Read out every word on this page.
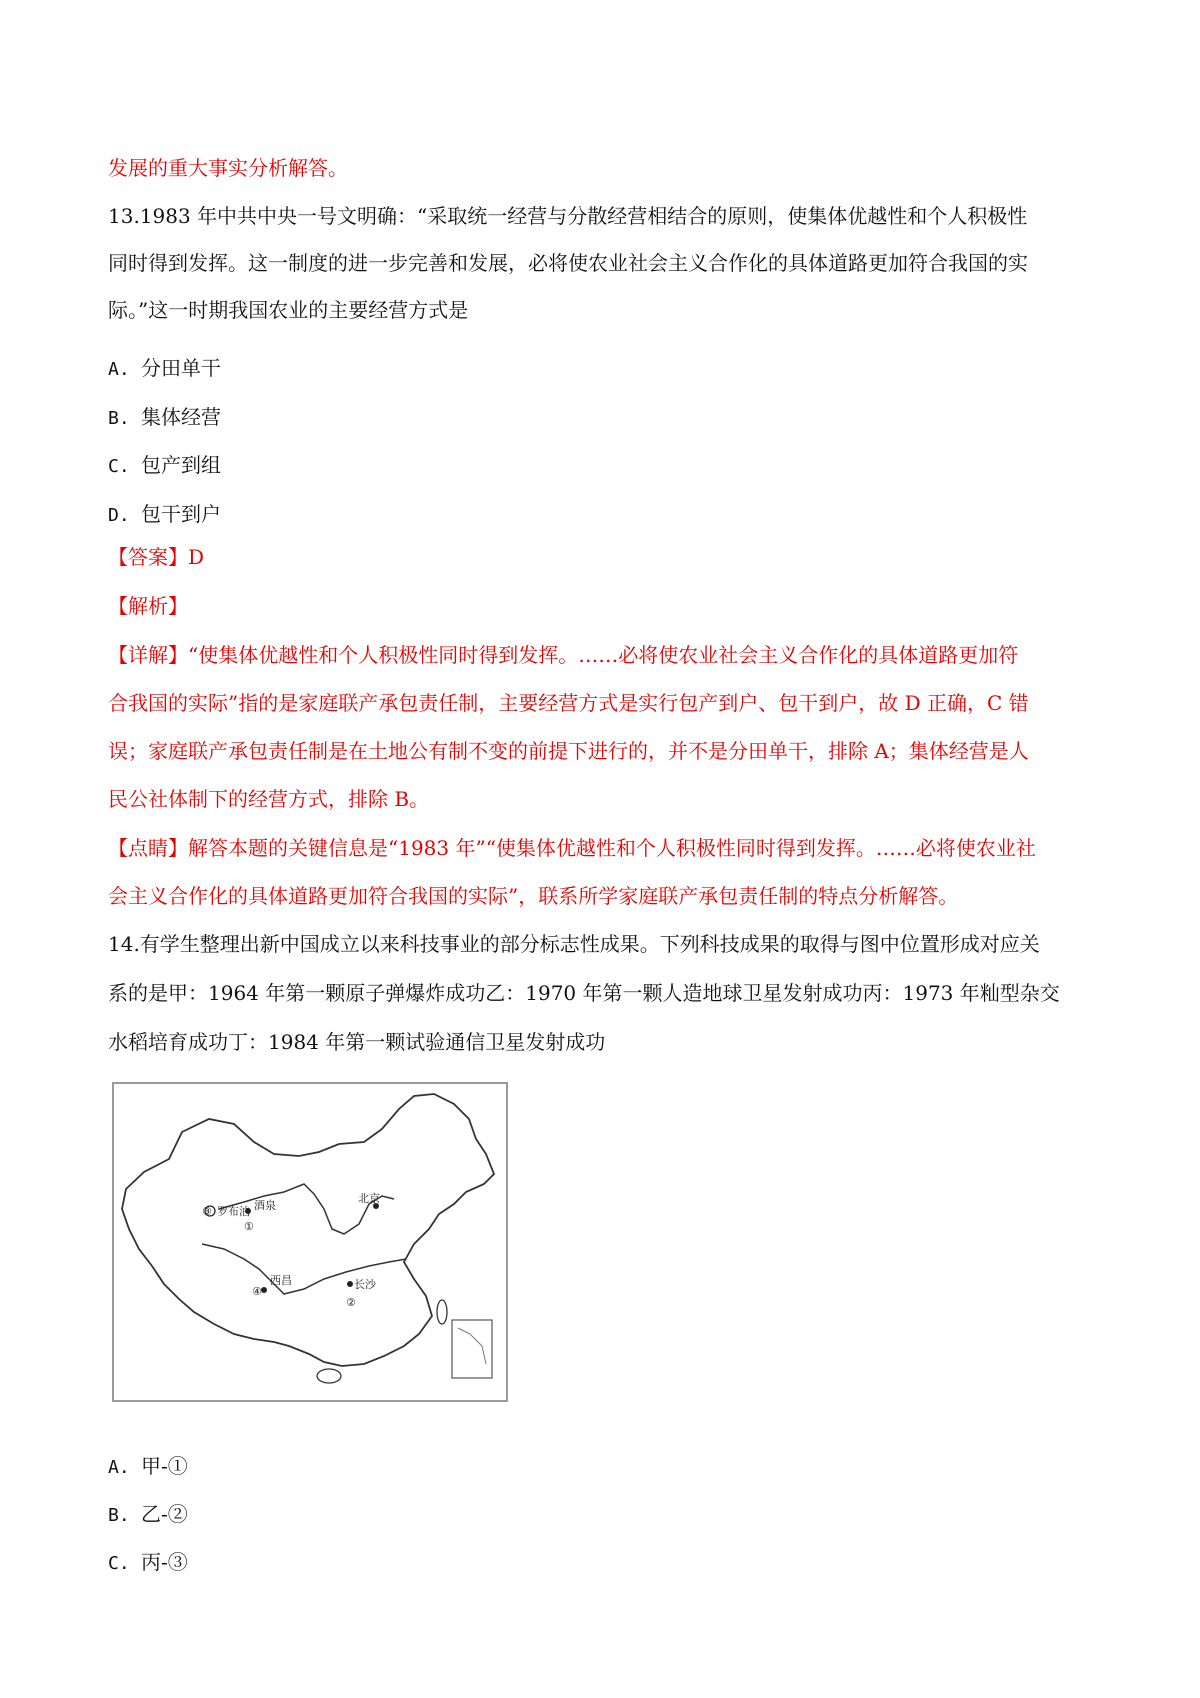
发展的重大事实分析解答。
13.1983 年中共中央一号文明确：“采取统一经营与分散经营相结合的原则，使集体优越性和个人积极性
同时得到发挥。这一制度的进一步完善和发展，必将使农业社会主义合作化的具体道路更加符合我国的实
际。”这一时期我国农业的主要经营方式是
A. 分田单干
B. 集体经营
C. 包产到组
D. 包干到户
【答案】D
【解析】
【详解】“使集体优越性和个人积极性同时得到发挥。……必将使农业社会主义合作化的具体道路更加符
合我国的实际”指的是家庭联产承包责任制，主要经营方式是实行包产到户、包干到户，故 D 正确，C 错
误；家庭联产承包责任制是在土地公有制不变的前提下进行的，并不是分田单干，排除 A；集体经营是人
民公社体制下的经营方式，排除 B。
【点睛】解答本题的关键信息是“1983 年”“使集体优越性和个人积极性同时得到发挥。……必将使农业社
会主义合作化的具体道路更加符合我国的实际”，联系所学家庭联产承包责任制的特点分析解答。
14.有学生整理出新中国成立以来科技事业的部分标志性成果。下列科技成果的取得与图中位置形成对应关
系的是甲：1964 年第一颗原子弹爆炸成功乙：1970 年第一颗人造地球卫星发射成功丙：1973 年籼型杂交
水稻培育成功丁：1984 年第一颗试验通信卫星发射成功
③ 罗布泊 酒泉
①
北京
④
西昌	长沙
②
A. 甲-①
B. 乙-②
C. 丙-③
